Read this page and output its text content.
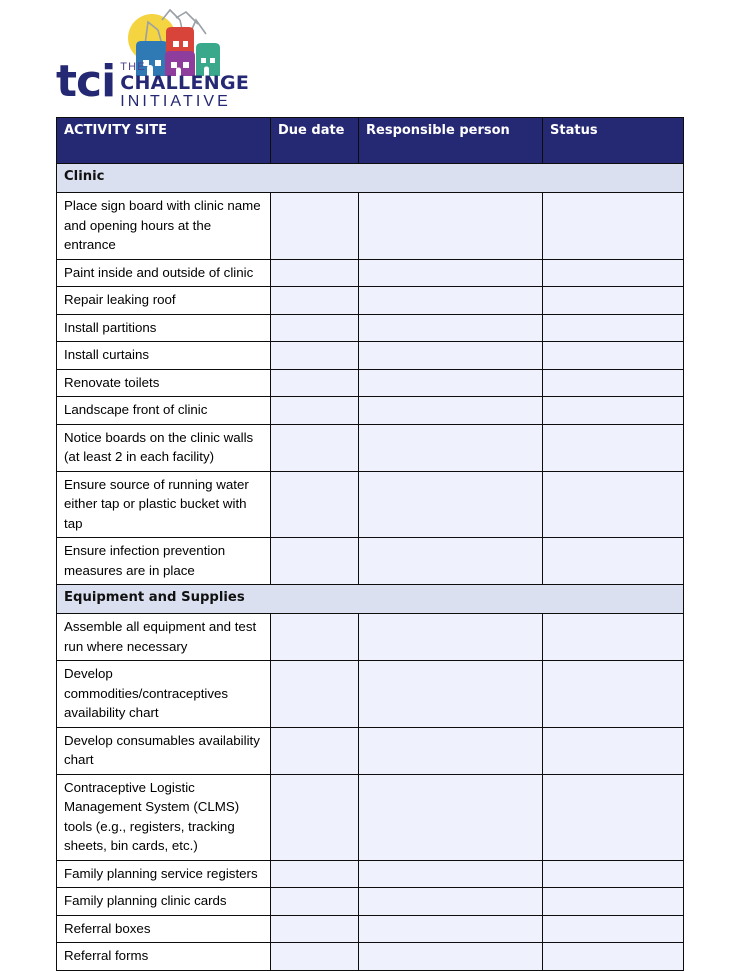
tci THE
CHALLENGE
INITIATIVE
ACTIVITY SITE	Due date	Responsible person	Status
Clinic			
Place sign board with clinic name and opening hours at the entrance			
Paint inside and outside of clinic			
Repair leaking roof			
Install partitions			
Install curtains			
Renovate toilets			
Landscape front of clinic			
Notice boards on the clinic walls (at least 2 in each facility)			
Ensure source of running water either tap or plastic bucket with tap			
Ensure infection prevention measures are in place			
Equipment and Supplies			
Assemble all equipment and test run where necessary			
Develop commodities/contraceptives availability chart			
Develop consumables availability chart			
Contraceptive Logistic Management System (CLMS) tools (e.g., registers, tracking sheets, bin cards, etc.)			
Family planning service registers			
Family planning clinic cards			
Referral boxes			
Referral forms			
